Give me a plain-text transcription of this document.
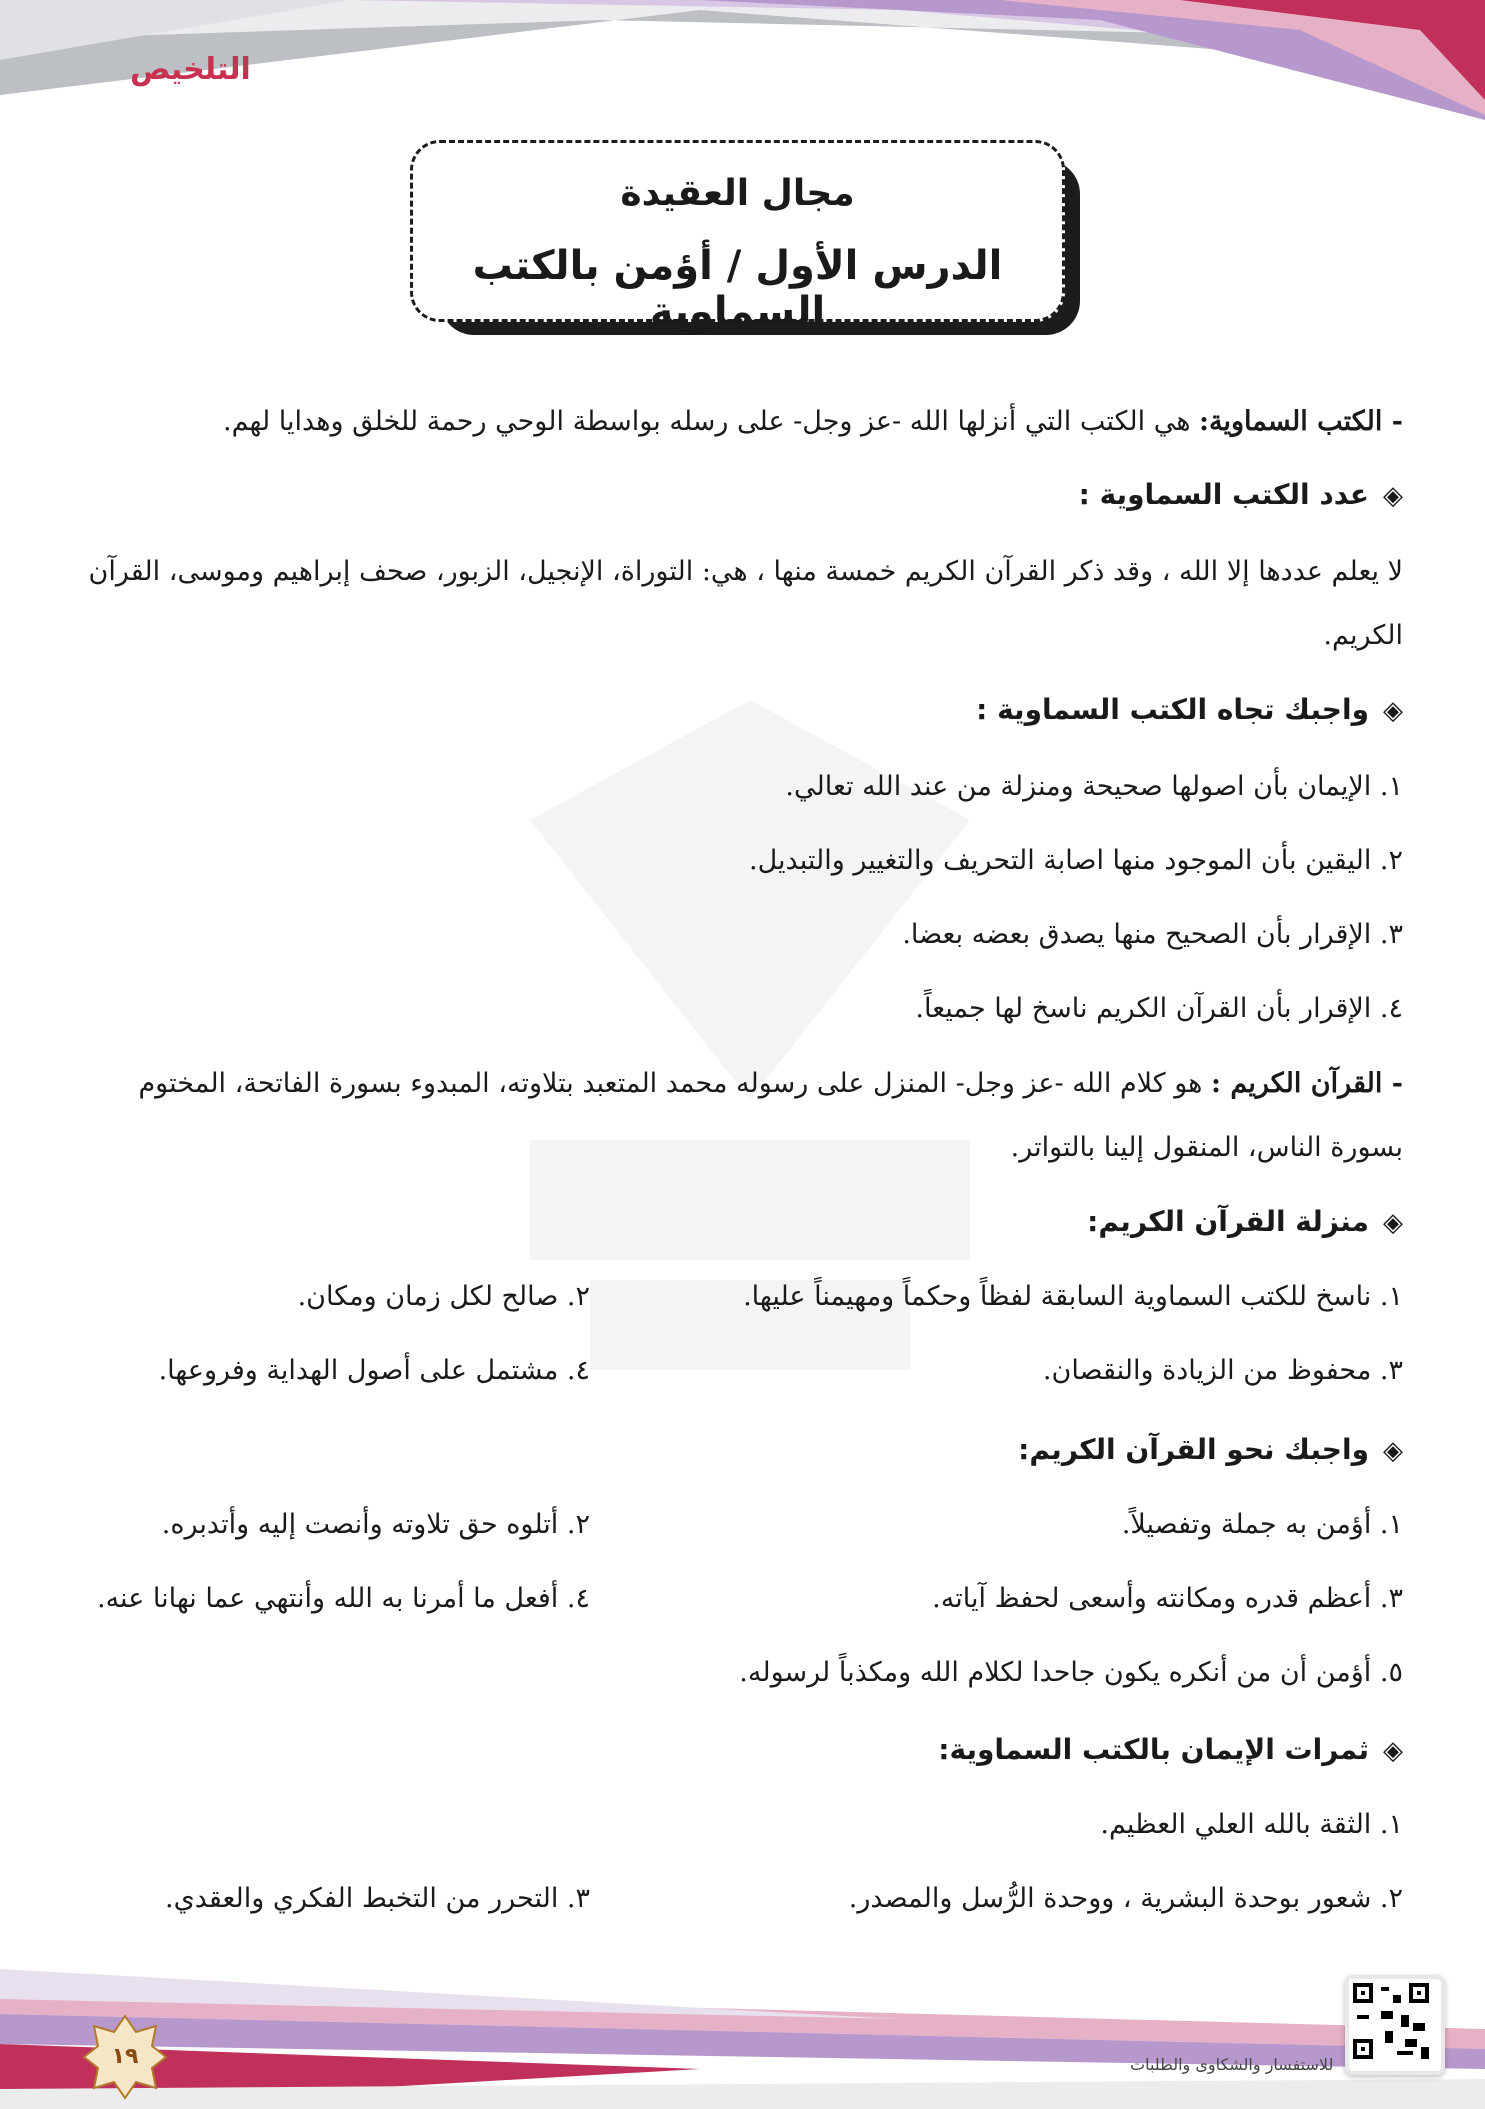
التلخيص
مجال العقيدة
الدرس الأول / أؤمن بالكتب السماوية
- الكتب السماوية: هي الكتب التي أنزلها الله -عز وجل- على رسله بواسطة الوحي رحمة للخلق وهدايا لهم.
◈عدد الكتب السماوية :
لا يعلم عددها إلا الله ، وقد ذكر القرآن الكريم خمسة منها ، هي: التوراة، الإنجيل، الزبور، صحف إبراهيم وموسى، القرآن الكريم.
◈واجبك تجاه الكتب السماوية :
١. الإيمان بأن اصولها صحيحة ومنزلة من عند الله تعالي.
٢. اليقين بأن الموجود منها اصابة التحريف والتغيير والتبديل.
٣. الإقرار بأن الصحيح منها يصدق بعضه بعضا.
٤. الإقرار بأن القرآن الكريم ناسخ لها جميعاً.
- القرآن الكريم : هو كلام الله -عز وجل- المنزل على رسوله محمد المتعبد بتلاوته، المبدوء بسورة الفاتحة، المختوم بسورة الناس، المنقول إلينا بالتواتر.
◈منزلة القرآن الكريم:
١. ناسخ للكتب السماوية السابقة لفظاً وحكماً ومهيمناً عليها.
٢. صالح لكل زمان ومكان.
٣. محفوظ من الزيادة والنقصان.
٤. مشتمل على أصول الهداية وفروعها.
◈واجبك نحو القرآن الكريم:
١. أؤمن به جملة وتفصيلاً.
٢. أتلوه حق تلاوته وأنصت إليه وأتدبره.
٣. أعظم قدره ومكانته وأسعى لحفظ آياته.
٤. أفعل ما أمرنا به الله وأنتهي عما نهانا عنه.
٥. أؤمن أن من أنكره يكون جاحدا لكلام الله ومكذباً لرسوله.
◈ثمرات الإيمان بالكتب السماوية:
١. الثقة بالله العلي العظيم.
٢. شعور بوحدة البشرية ، ووحدة الرُّسل والمصدر.
٣. التحرر من التخبط الفكري والعقدي.
١٩	للاستفسار والشكاوى والطلبات
